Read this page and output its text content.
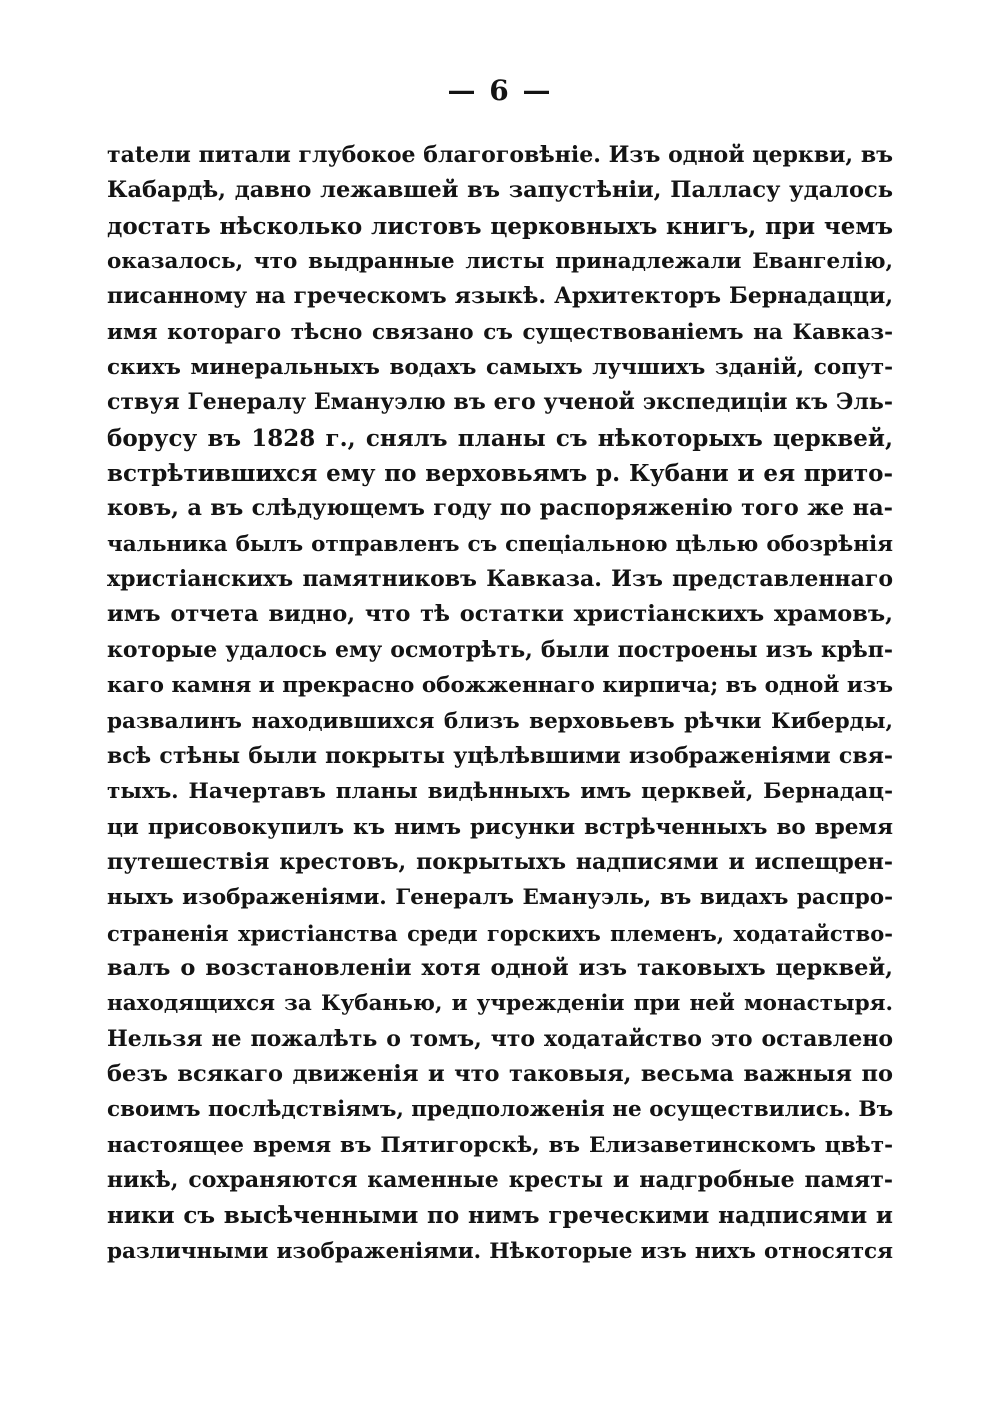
— 6 —
тatели питали глубокое благоговѣніе. Изъ одной церкви, въ
Кабардѣ, давно лежавшей въ запустѣніи, Палласу удалось
достать нѣсколько листовъ церковныхъ книгъ, при чемъ
оказалось, что выдранные листы принадлежали Евангелію,
писанному на греческомъ языкѣ. Архитекторъ Бернадацци,
имя котораго тѣсно связано съ существованіемъ на Кавказ-
скихъ минеральныхъ водахъ самыхъ лучшихъ зданій, сопут-
ствуя Генералу Емануэлю въ его ученой экспедиціи къ Эль-
борусу въ 1828 г., снялъ планы съ нѣкоторыхъ церквей,
встрѣтившихся ему по верховьямъ р. Кубани и ея прито-
ковъ, а въ слѣдующемъ году по распоряженію того же на-
чальника былъ отправленъ съ спеціальною цѣлью обозрѣнія
христіанскихъ памятниковъ Кавказа. Изъ представленнаго
имъ отчета видно, что тѣ остатки христіанскихъ храмовъ,
которые удалось ему осмотрѣть, были построены изъ крѣп-
каго камня и прекрасно обожженнаго кирпича; въ одной изъ
развалинъ находившихся близъ верховьевъ рѣчки Киберды,
всѣ стѣны были покрыты уцѣлѣвшими изображеніями свя-
тыхъ. Начертавъ планы видѣнныхъ имъ церквей, Бернадац-
ци присовокупилъ къ нимъ рисунки встрѣченныхъ во время
путешествія крестовъ, покрытыхъ надписями и испещрен-
ныхъ изображеніями. Генералъ Емануэль, въ видахъ распро-
страненія христіанства среди горскихъ племенъ, ходатайство-
валъ о возстановленіи хотя одной изъ таковыхъ церквей,
находящихся за Кубанью, и учрежденіи при ней монастыря.
Нельзя не пожалѣть о томъ, что ходатайство это оставлено
безъ всякаго движенія и что таковыя, весьма важныя по
своимъ послѣдствіямъ, предположенія не осуществились. Въ
настоящее время въ Пятигорскѣ, въ Елизаветинскомъ цвѣт-
никѣ, сохраняются каменные кресты и надгробные памят-
ники съ высѣченными по нимъ греческими надписями и
различными изображеніями. Нѣкоторые изъ нихъ относятся
